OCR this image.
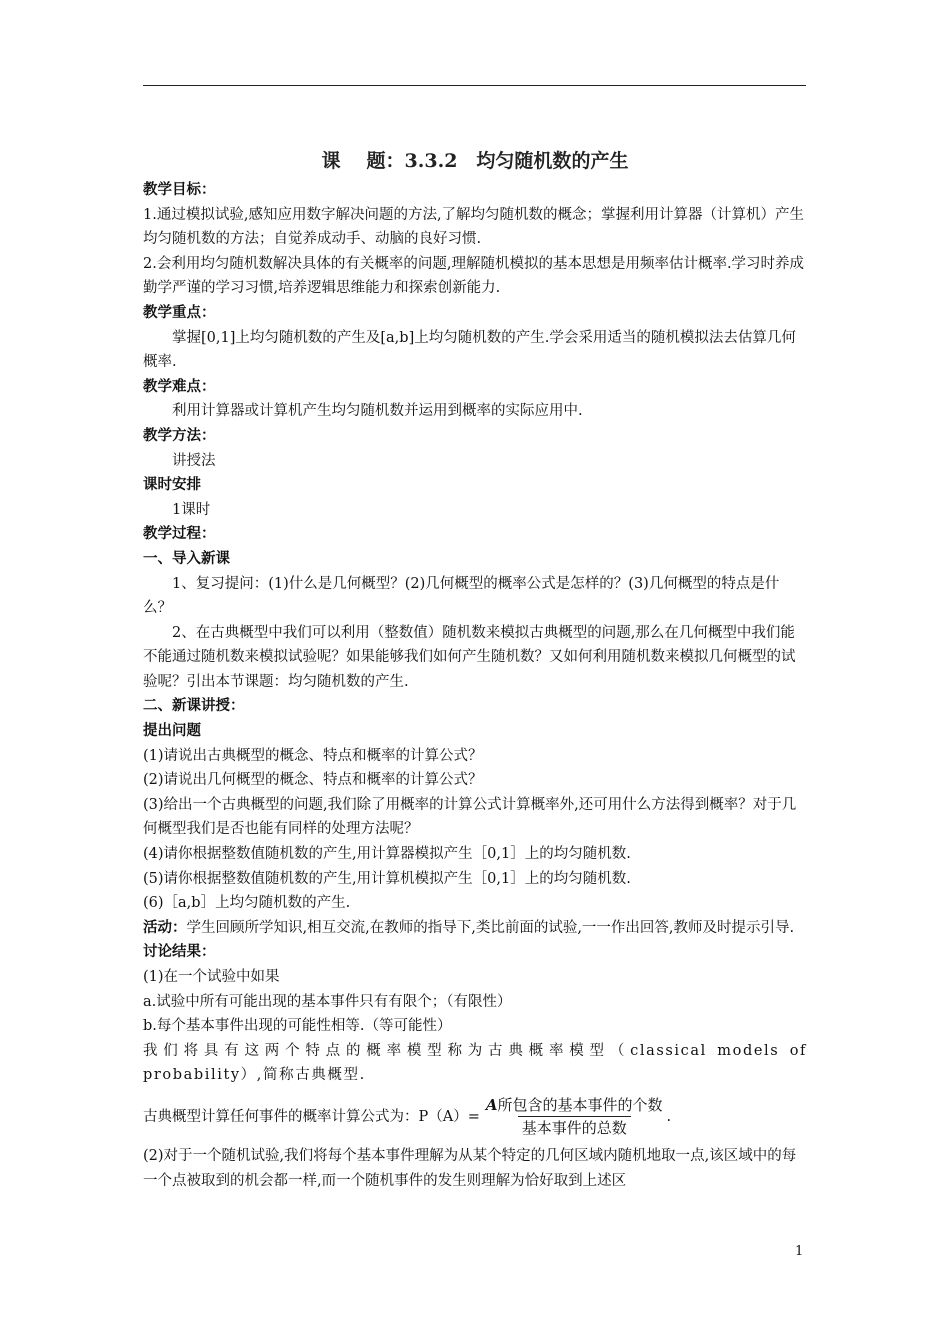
课 题：3.3.2　均匀随机数的产生

教学目标：

1.通过模拟试验,感知应用数字解决问题的方法,了解均匀随机数的概念；掌握利用计算器（计算机）产生均匀随机数的方法；自觉养成动手、动脑的良好习惯.

2.会利用均匀随机数解决具体的有关概率的问题,理解随机模拟的基本思想是用频率估计概率.学习时养成勤学严谨的学习习惯,培养逻辑思维能力和探索创新能力.

教学重点：

掌握[0,1]上均匀随机数的产生及[a,b]上均匀随机数的产生.学会采用适当的随机模拟法去估算几何概率.

教学难点：

利用计算器或计算机产生均匀随机数并运用到概率的实际应用中.

教学方法：

讲授法

课时安排

1课时

教学过程：

一、导入新课

1、复习提问：(1)什么是几何概型？(2)几何概型的概率公式是怎样的？(3)几何概型的特点是什么？

2、在古典概型中我们可以利用（整数值）随机数来模拟古典概型的问题,那么在几何概型中我们能不能通过随机数来模拟试验呢？如果能够我们如何产生随机数？又如何利用随机数来模拟几何概型的试验呢？引出本节课题：均匀随机数的产生.

二、新课讲授：

提出问题

(1)请说出古典概型的概念、特点和概率的计算公式？

(2)请说出几何概型的概念、特点和概率的计算公式？

(3)给出一个古典概型的问题,我们除了用概率的计算公式计算概率外,还可用什么方法得到概率？对于几何概型我们是否也能有同样的处理方法呢？

(4)请你根据整数值随机数的产生,用计算器模拟产生［0,1］上的均匀随机数.

(5)请你根据整数值随机数的产生,用计算机模拟产生［0,1］上的均匀随机数.

(6)［a,b］上均匀随机数的产生.

活动：学生回顾所学知识,相互交流,在教师的指导下,类比前面的试验,一一作出回答,教师及时提示引导.

讨论结果：

(1)在一个试验中如果

a.试验中所有可能出现的基本事件只有有限个；（有限性）

b.每个基本事件出现的可能性相等.（等可能性）

我们将具有这两个特点的概率模型称为古典概率模型（classical models of probability）,简称古典概型.

古典概型计算任何事件的概率计算公式为：$P(A)= \frac{\text{A所包含的基本事件的个数}}{\text{基本事件的总数}}$ .

(2)对于一个随机试验,我们将每个基本事件理解为从某个特定的几何区域内随机地取一点,该区域中的每一个点被取到的机会都一样,而一个随机事件的发生则理解为恰好取到上述区

1
